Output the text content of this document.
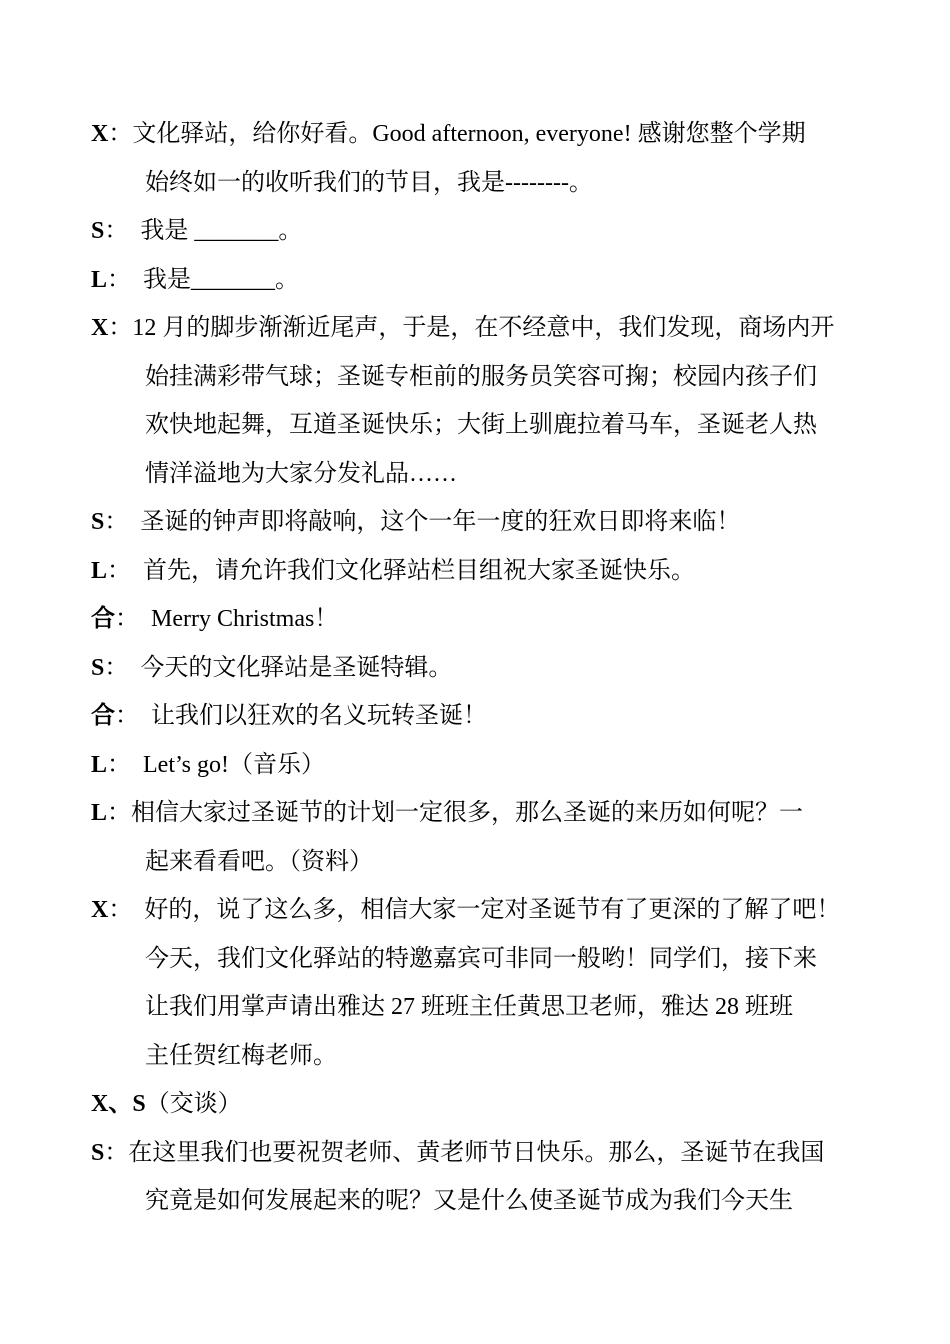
X：文化驿站，给你好看。Good afternoon, everyone! 感谢您整个学期
始终如一的收听我们的节目，我是--------。
S：  我是 _______。
L：  我是_______。
X：12 月的脚步渐渐近尾声，于是，在不经意中，我们发现，商场内开
始挂满彩带气球；圣诞专柜前的服务员笑容可掬；校园内孩子们
欢快地起舞，互道圣诞快乐；大街上驯鹿拉着马车，圣诞老人热
情洋溢地为大家分发礼品……
S：  圣诞的钟声即将敲响，这个一年一度的狂欢日即将来临！
L：  首先，请允许我们文化驿站栏目组祝大家圣诞快乐。
合：  Merry Christmas！
S：  今天的文化驿站是圣诞特辑。
合：  让我们以狂欢的名义玩转圣诞！
L：  Let’s go!（音乐）
L：相信大家过圣诞节的计划一定很多，那么圣诞的来历如何呢？一
起来看看吧。（资料）
X：  好的，说了这么多，相信大家一定对圣诞节有了更深的了解了吧！
今天，我们文化驿站的特邀嘉宾可非同一般哟！同学们，接下来
让我们用掌声请出雅达 27 班班主任黄思卫老师，雅达 28 班班
主任贺红梅老师。
X、S（交谈）
S：在这里我们也要祝贺老师、黄老师节日快乐。那么，圣诞节在我国
究竟是如何发展起来的呢？又是什么使圣诞节成为我们今天生
